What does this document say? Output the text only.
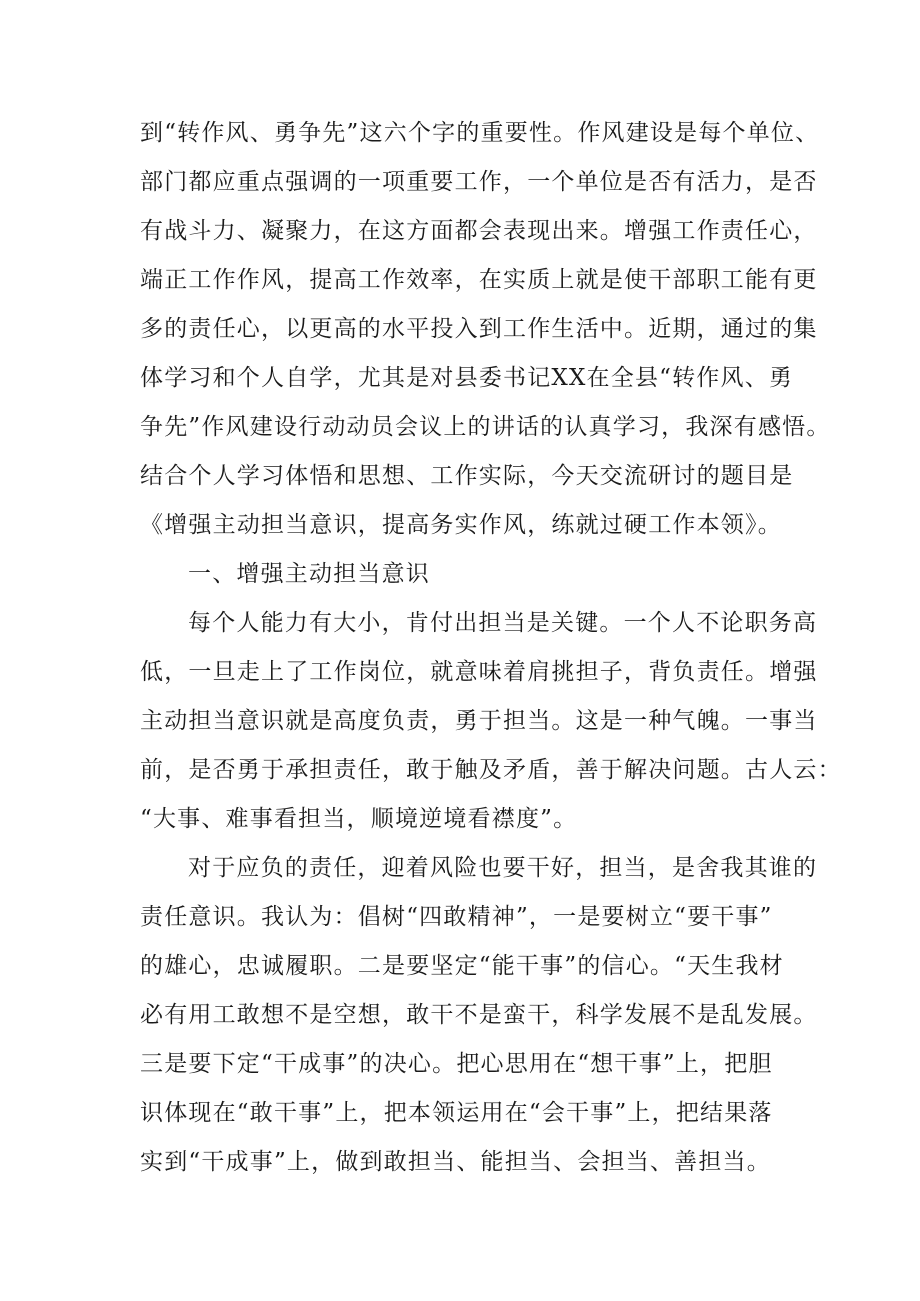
到“转作风、勇争先”这六个字的重要性。作风建设是每个单位、
部门都应重点强调的一项重要工作，一个单位是否有活力，是否
有战斗力、凝聚力，在这方面都会表现出来。增强工作责任心，
端正工作作风，提高工作效率，在实质上就是使干部职工能有更
多的责任心，以更高的水平投入到工作生活中。近期，通过的集
体学习和个人自学，尤其是对县委书记XX在全县“转作风、勇
争先”作风建设行动动员会议上的讲话的认真学习，我深有感悟。
结合个人学习体悟和思想、工作实际，今天交流研讨的题目是
《增强主动担当意识，提高务实作风，练就过硬工作本领》。
一、增强主动担当意识
每个人能力有大小，肯付出担当是关键。一个人不论职务高
低，一旦走上了工作岗位，就意味着肩挑担子，背负责任。增强
主动担当意识就是高度负责，勇于担当。这是一种气魄。一事当
前，是否勇于承担责任，敢于触及矛盾，善于解决问题。古人云：
“大事、难事看担当，顺境逆境看襟度”。
对于应负的责任，迎着风险也要干好，担当，是舍我其谁的
责任意识。我认为：倡树“四敢精神”，一是要树立“要干事”
的雄心，忠诚履职。二是要坚定“能干事”的信心。“天生我材
必有用工敢想不是空想，敢干不是蛮干，科学发展不是乱发展。
三是要下定“干成事”的决心。把心思用在“想干事”上，把胆
识体现在“敢干事”上，把本领运用在“会干事”上，把结果落
实到“干成事”上，做到敢担当、能担当、会担当、善担当。
